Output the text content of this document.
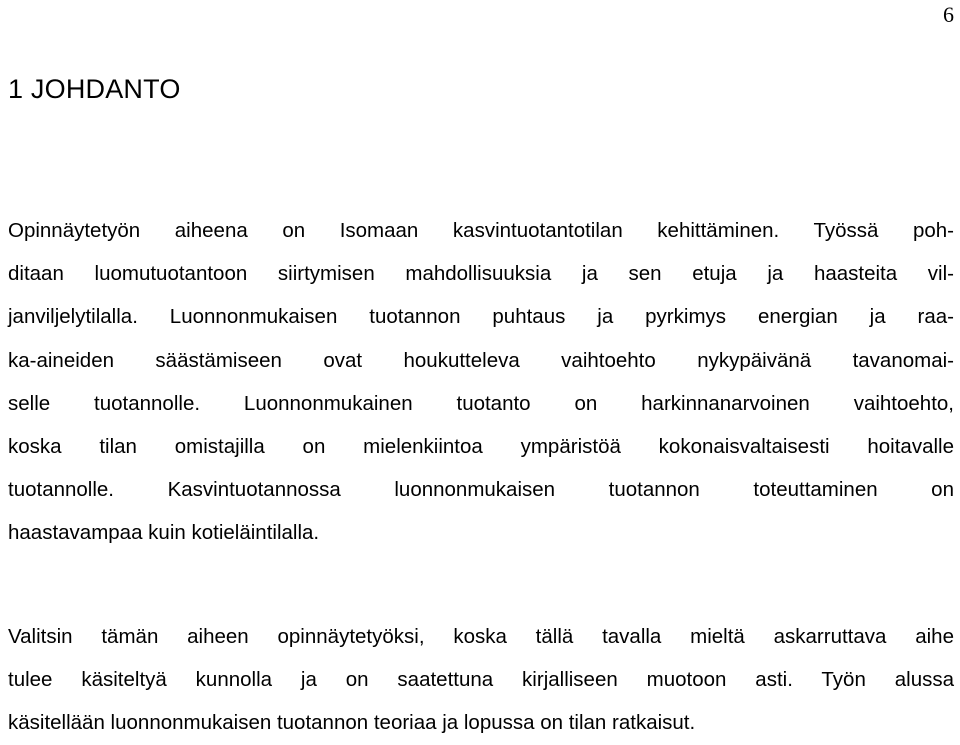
6
1 JOHDANTO
Opinnäytetyön aiheena on Isomaan kasvintuotantotilan kehittäminen. Työssä poh-
ditaan luomutuotantoon siirtymisen mahdollisuuksia ja sen etuja ja haasteita vil-
janviljelytilalla. Luonnonmukaisen tuotannon puhtaus ja pyrkimys energian ja raa-
ka-aineiden säästämiseen ovat houkutteleva vaihtoehto nykypäivänä tavanomai-
selle tuotannolle. Luonnonmukainen tuotanto on harkinnanarvoinen vaihtoehto,
koska tilan omistajilla on mielenkiintoa ympäristöä kokonaisvaltaisesti hoitavalle
tuotannolle. Kasvintuotannossa luonnonmukaisen tuotannon toteuttaminen on
haastavampaa kuin kotieläintilalla.
Valitsin tämän aiheen opinnäytetyöksi, koska tällä tavalla mieltä askarruttava aihe
tulee käsiteltyä kunnolla ja on saatettuna kirjalliseen muotoon asti. Työn alussa
käsitellään luonnonmukaisen tuotannon teoriaa ja lopussa on tilan ratkaisut.
